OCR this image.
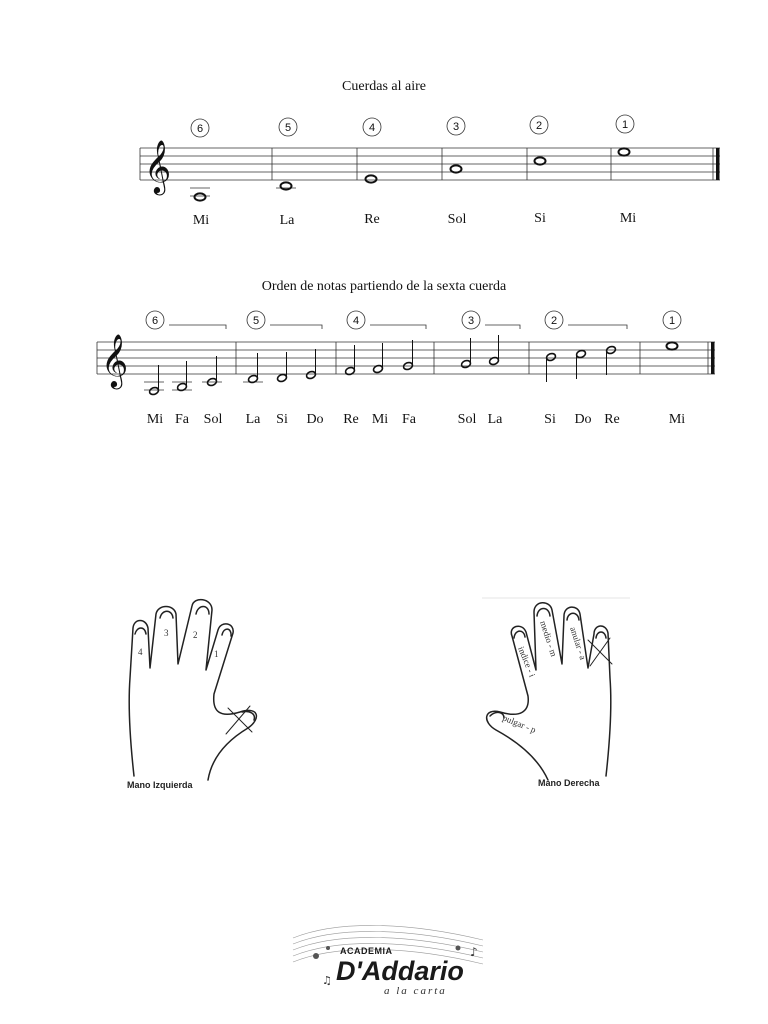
Cuerdas al aire
𝄞
6	5	4	3	2	1
Mi	La	Re	Sol	Si	Mi
Orden de notas partiendo de la sexta cuerda
𝄞
6	5	4	3	2	1
Mi Fa Sol La Si Do Re Mi Fa	Sol La	Si Do Re	Mi
4
3	2
1
Mano Izquierda
indice - i
medio - m anular - a
pulgar - p
Mano Derecha
♪
♫
ACADEMIA
D'Addario
a la carta
